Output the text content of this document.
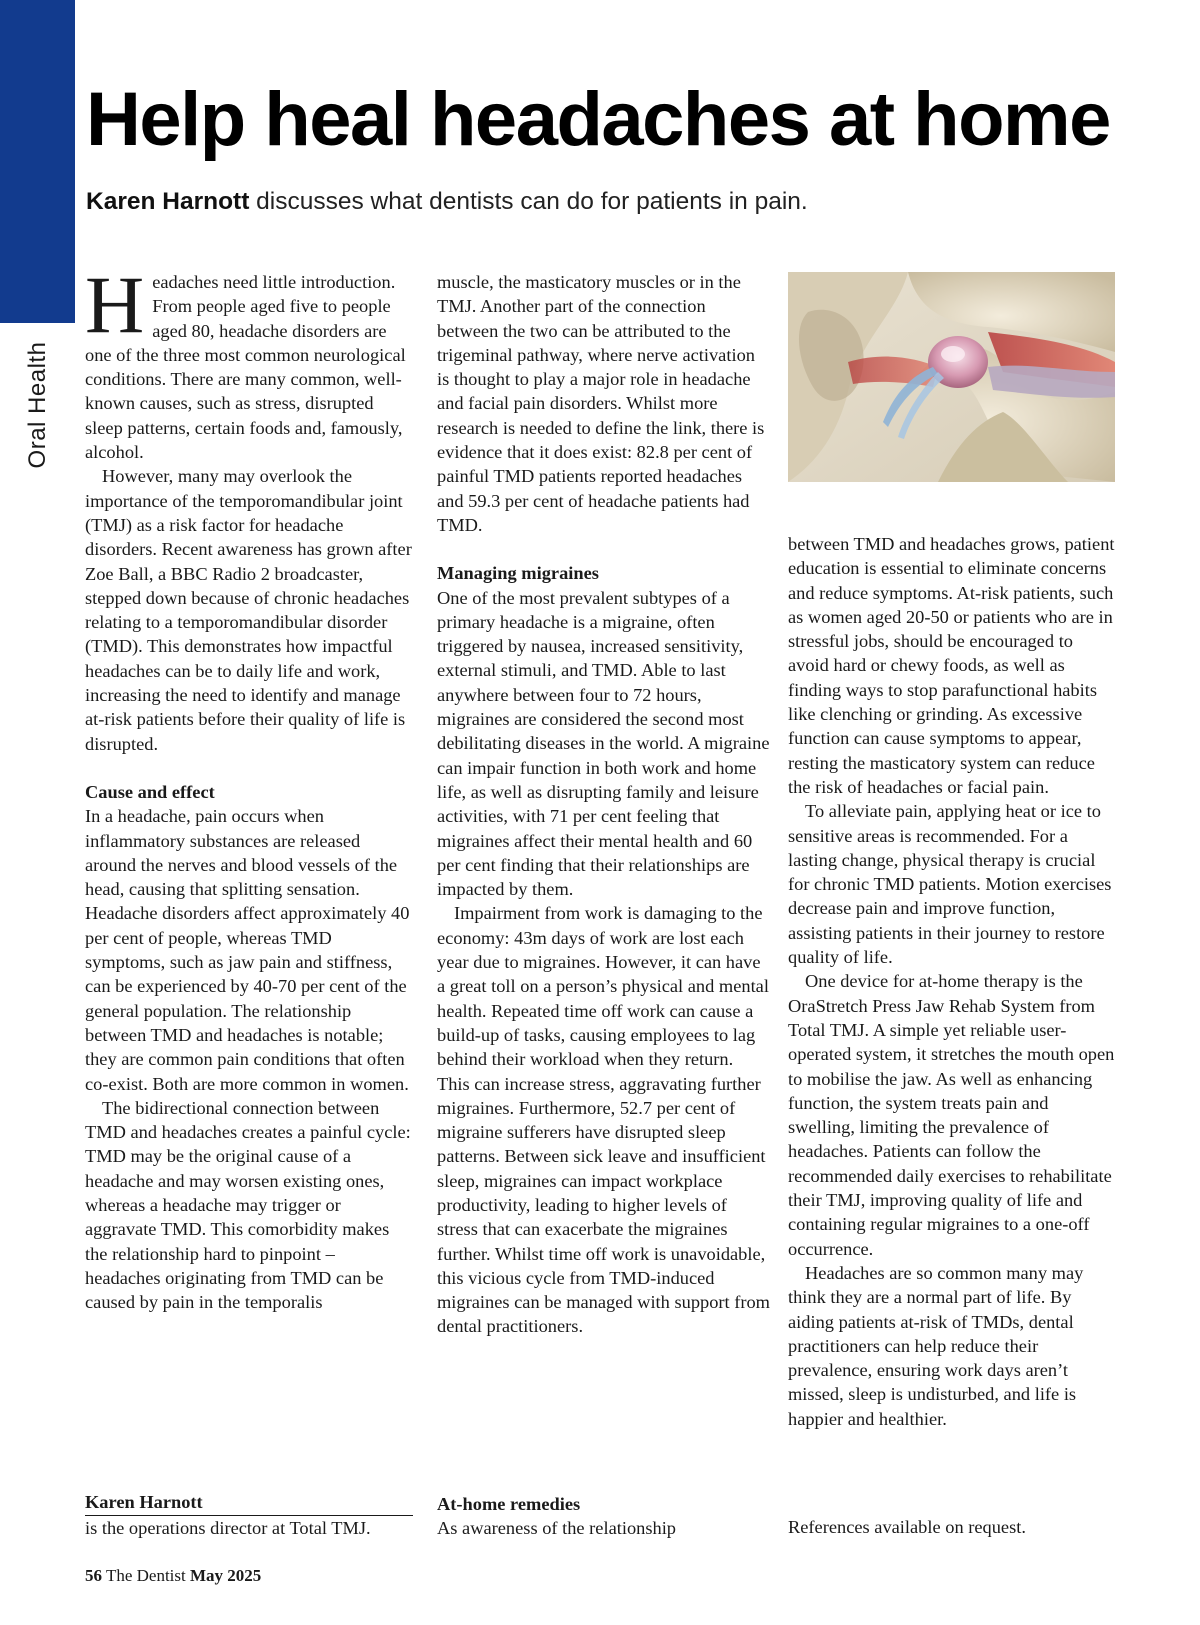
Oral Health
Help heal headaches at home
Karen Harnott discusses what dentists can do for patients in pain.

Headaches need little introduction. From people aged five to people aged 80, headache disorders are one of the three most common neurological conditions. There are many common, well-known causes, such as stress, disrupted sleep patterns, certain foods and, famously, alcohol.

However, many may overlook the importance of the temporomandibular joint (TMJ) as a risk factor for headache disorders. Recent awareness has grown after Zoe Ball, a BBC Radio 2 broadcaster, stepped down because of chronic headaches relating to a temporomandibular disorder (TMD). This demonstrates how impactful headaches can be to daily life and work, increasing the need to identify and manage at-risk patients before their quality of life is disrupted.

Cause and effect

In a headache, pain occurs when inflammatory substances are released around the nerves and blood vessels of the head, causing that splitting sensation. Headache disorders affect approximately 40 per cent of people, whereas TMD symptoms, such as jaw pain and stiffness, can be experienced by 40-70 per cent of the general population. The relationship between TMD and headaches is notable; they are common pain conditions that often co-exist. Both are more common in women.

The bidirectional connection between TMD and headaches creates a painful cycle: TMD may be the original cause of a headache and may worsen existing ones, whereas a headache may trigger or aggravate TMD. This comorbidity makes the relationship hard to pinpoint – headaches originating from TMD can be caused by pain in the temporalis

muscle, the masticatory muscles or in the TMJ. Another part of the connection between the two can be attributed to the trigeminal pathway, where nerve activation is thought to play a major role in headache and facial pain disorders. Whilst more research is needed to define the link, there is evidence that it does exist: 82.8 per cent of painful TMD patients reported headaches and 59.3 per cent of headache patients had TMD.

Managing migraines

One of the most prevalent subtypes of a primary headache is a migraine, often triggered by nausea, increased sensitivity, external stimuli, and TMD. Able to last anywhere between four to 72 hours, migraines are considered the second most debilitating diseases in the world. A migraine can impair function in both work and home life, as well as disrupting family and leisure activities, with 71 per cent feeling that migraines affect their mental health and 60 per cent finding that their relationships are impacted by them.

Impairment from work is damaging to the economy: 43m days of work are lost each year due to migraines. However, it can have a great toll on a person’s physical and mental health. Repeated time off work can cause a build-up of tasks, causing employees to lag behind their workload when they return. This can increase stress, aggravating further migraines. Furthermore, 52.7 per cent of migraine sufferers have disrupted sleep patterns. Between sick leave and insufficient sleep, migraines can impact workplace productivity, leading to higher levels of stress that can exacerbate the migraines further. Whilst time off work is unavoidable, this vicious cycle from TMD-induced migraines can be managed with support from dental practitioners.

At-home remedies
As awareness of the relationship

between TMD and headaches grows, patient education is essential to eliminate concerns and reduce symptoms. At-risk patients, such as women aged 20-50 or patients who are in stressful jobs, should be encouraged to avoid hard or chewy foods, as well as finding ways to stop parafunctional habits like clenching or grinding. As excessive function can cause symptoms to appear, resting the masticatory system can reduce the risk of headaches or facial pain.

To alleviate pain, applying heat or ice to sensitive areas is recommended. For a lasting change, physical therapy is crucial for chronic TMD patients. Motion exercises decrease pain and improve function, assisting patients in their journey to restore quality of life.

One device for at-home therapy is the OraStretch Press Jaw Rehab System from Total TMJ. A simple yet reliable user-operated system, it stretches the mouth open to mobilise the jaw. As well as enhancing function, the system treats pain and swelling, limiting the prevalence of headaches. Patients can follow the recommended daily exercises to rehabilitate their TMJ, improving quality of life and containing regular migraines to a one-off occurrence.

Headaches are so common many may think they are a normal part of life. By aiding patients at-risk of TMDs, dental practitioners can help reduce their prevalence, ensuring work days aren’t missed, sleep is undisturbed, and life is happier and healthier.

References available on request.
Karen Harnott
is the operations director at Total TMJ.
56 The Dentist May 2025
